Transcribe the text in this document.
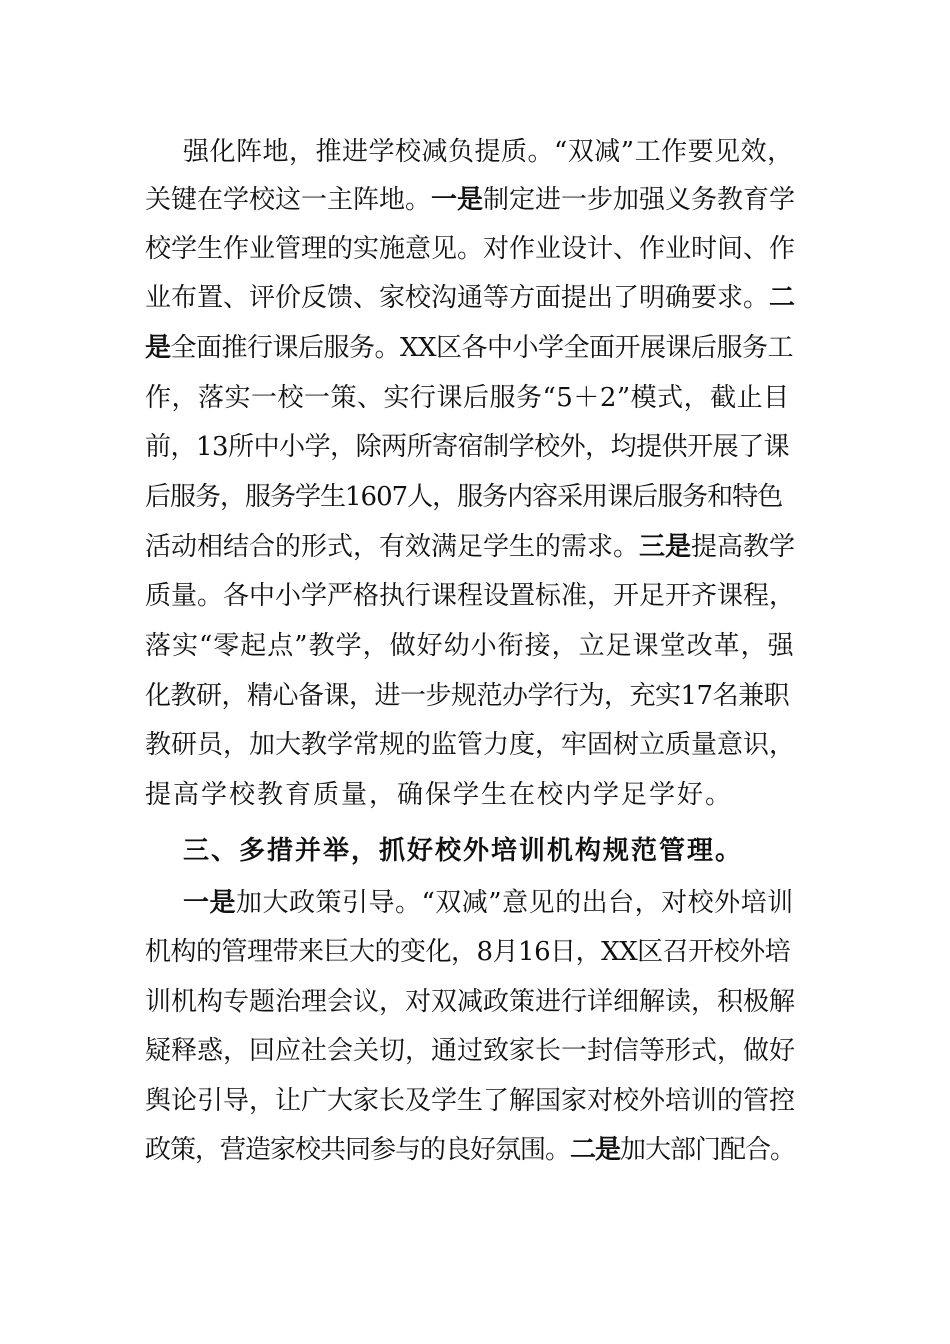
强化阵地，推进学校减负提质。“双减”工作要见效，
关键在学校这一主阵地。一是制定进一步加强义务教育学
校学生作业管理的实施意见。对作业设计、作业时间、作
业布置、评价反馈、家校沟通等方面提出了明确要求。二
是全面推行课后服务。XX区各中小学全面开展课后服务工
作，落实一校一策、实行课后服务“5＋2”模式，截止目
前，13所中小学，除两所寄宿制学校外，均提供开展了课
后服务，服务学生1607人，服务内容采用课后服务和特色
活动相结合的形式，有效满足学生的需求。三是提高教学
质量。各中小学严格执行课程设置标准，开足开齐课程，
落实“零起点”教学，做好幼小衔接，立足课堂改革，强
化教研，精心备课，进一步规范办学行为，充实17名兼职
教研员，加大教学常规的监管力度，牢固树立质量意识，
提高学校教育质量，确保学生在校内学足学好。
三、多措并举，抓好校外培训机构规范管理。
一是加大政策引导。“双减”意见的出台，对校外培训
机构的管理带来巨大的变化，8月16日，XX区召开校外培
训机构专题治理会议，对双减政策进行详细解读，积极解
疑释惑，回应社会关切，通过致家长一封信等形式，做好
舆论引导，让广大家长及学生了解国家对校外培训的管控
政策，营造家校共同参与的良好氛围。二是加大部门配合。
